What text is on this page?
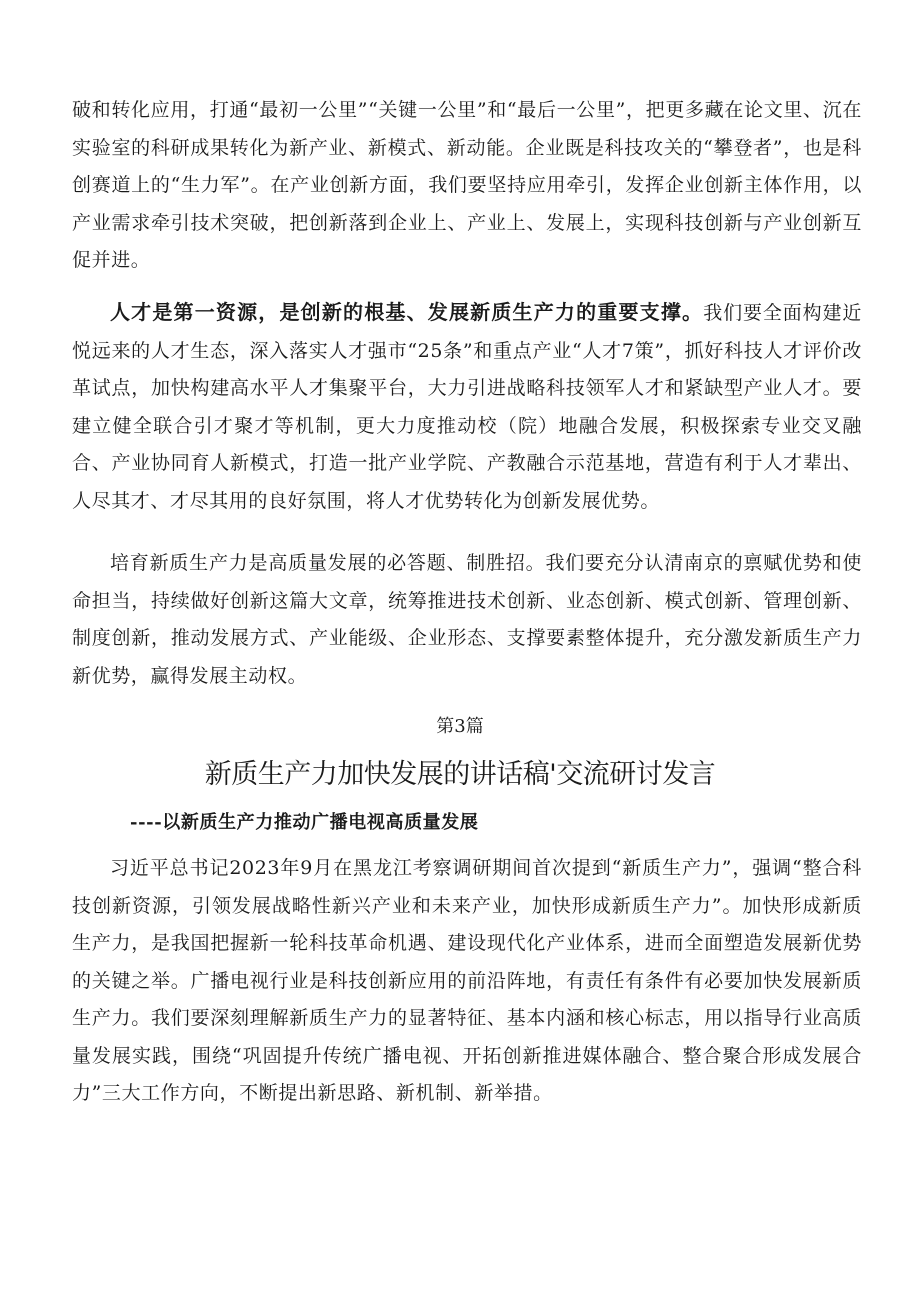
破和转化应用，打通“最初一公里”“关键一公里”和“最后一公里”，把更多藏在论文里、沉在实验室的科研成果转化为新产业、新模式、新动能。企业既是科技攻关的“攀登者”，也是科创赛道上的“生力军”。在产业创新方面，我们要坚持应用牵引，发挥企业创新主体作用，以产业需求牵引技术突破，把创新落到企业上、产业上、发展上，实现科技创新与产业创新互促并进。

人才是第一资源，是创新的根基、发展新质生产力的重要支撑。我们要全面构建近悦远来的人才生态，深入落实人才强市“25条”和重点产业“人才7策”，抓好科技人才评价改革试点，加快构建高水平人才集聚平台，大力引进战略科技领军人才和紧缺型产业人才。要建立健全联合引才聚才等机制，更大力度推动校（院）地融合发展，积极探索专业交叉融合、产业协同育人新模式，打造一批产业学院、产教融合示范基地，营造有利于人才辈出、人尽其才、才尽其用的良好氛围，将人才优势转化为创新发展优势。

培育新质生产力是高质量发展的必答题、制胜招。我们要充分认清南京的禀赋优势和使命担当，持续做好创新这篇大文章，统筹推进技术创新、业态创新、模式创新、管理创新、制度创新，推动发展方式、产业能级、企业形态、支撑要素整体提升，充分激发新质生产力新优势，赢得发展主动权。

第3篇

新质生产力加快发展的讲话稿'交流研讨发言

----以新质生产力推动广播电视高质量发展

习近平总书记2023年9月在黑龙江考察调研期间首次提到“新质生产力”，强调“整合科技创新资源，引领发展战略性新兴产业和未来产业，加快形成新质生产力”。加快形成新质生产力，是我国把握新一轮科技革命机遇、建设现代化产业体系，进而全面塑造发展新优势的关键之举。广播电视行业是科技创新应用的前沿阵地，有责任有条件有必要加快发展新质生产力。我们要深刻理解新质生产力的显著特征、基本内涵和核心标志，用以指导行业高质量发展实践，围绕“巩固提升传统广播电视、开拓创新推进媒体融合、整合聚合形成发展合力”三大工作方向，不断提出新思路、新机制、新举措。
